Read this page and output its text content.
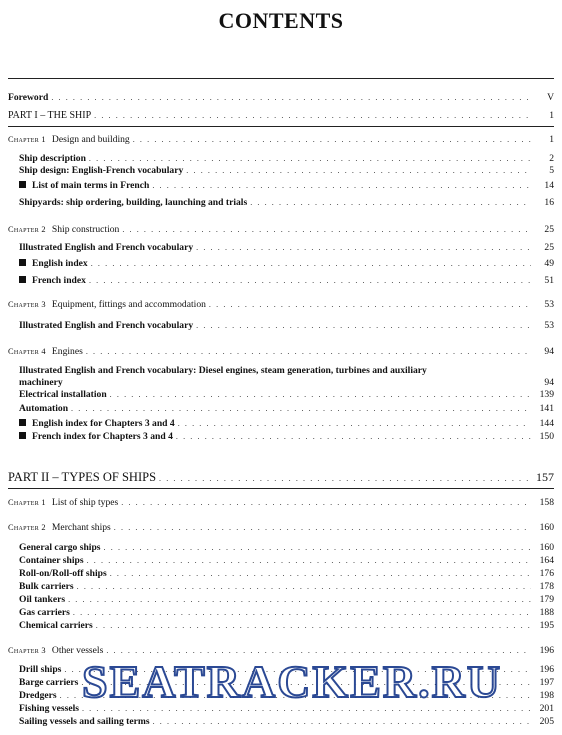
CONTENTS
Foreword . . .	V
PART I – THE SHIP . . .	1
Chapter 1 Design and building . . .	1
Ship description . . .	2
Ship design: English-French vocabulary . . .	5
List of main terms in French . . .	14
Shipyards: ship ordering, building, launching and trials . . .	16
Chapter 2 Ship construction . . .	25
Illustrated English and French vocabulary . . .	25
English index . . .	49
French index . . .	51
Chapter 3 Equipment, fittings and accommodation . . .	53
Illustrated English and French vocabulary . . .	53
Chapter 4 Engines . . .	94
Illustrated English and French vocabulary: Diesel engines, steam generation, turbines and auxiliary
machinery	94
Electrical installation . . .	139
Automation . . .	141
English index for Chapters 3 and 4 . . .	144
French index for Chapters 3 and 4 . . .	150
PART II – TYPES OF SHIPS . . .	157
Chapter 1 List of ship types . . .	158
Chapter 2 Merchant ships . . .	160
General cargo ships . . .	160
Container ships . . .	164
Roll-on/Roll-off ships . . .	176
Bulk carriers . . .	178
Oil tankers . . .	179
Gas carriers . . .	188
Chemical carriers . . .	195
Chapter 3 Other vessels . . .	196
Drill ships . . .	196
Barge carriers . . .	197
Dredgers . . .	198
Fishing vessels . . .	201
Sailing vessels and sailing terms . . .	205
SEATRACKER.RU
